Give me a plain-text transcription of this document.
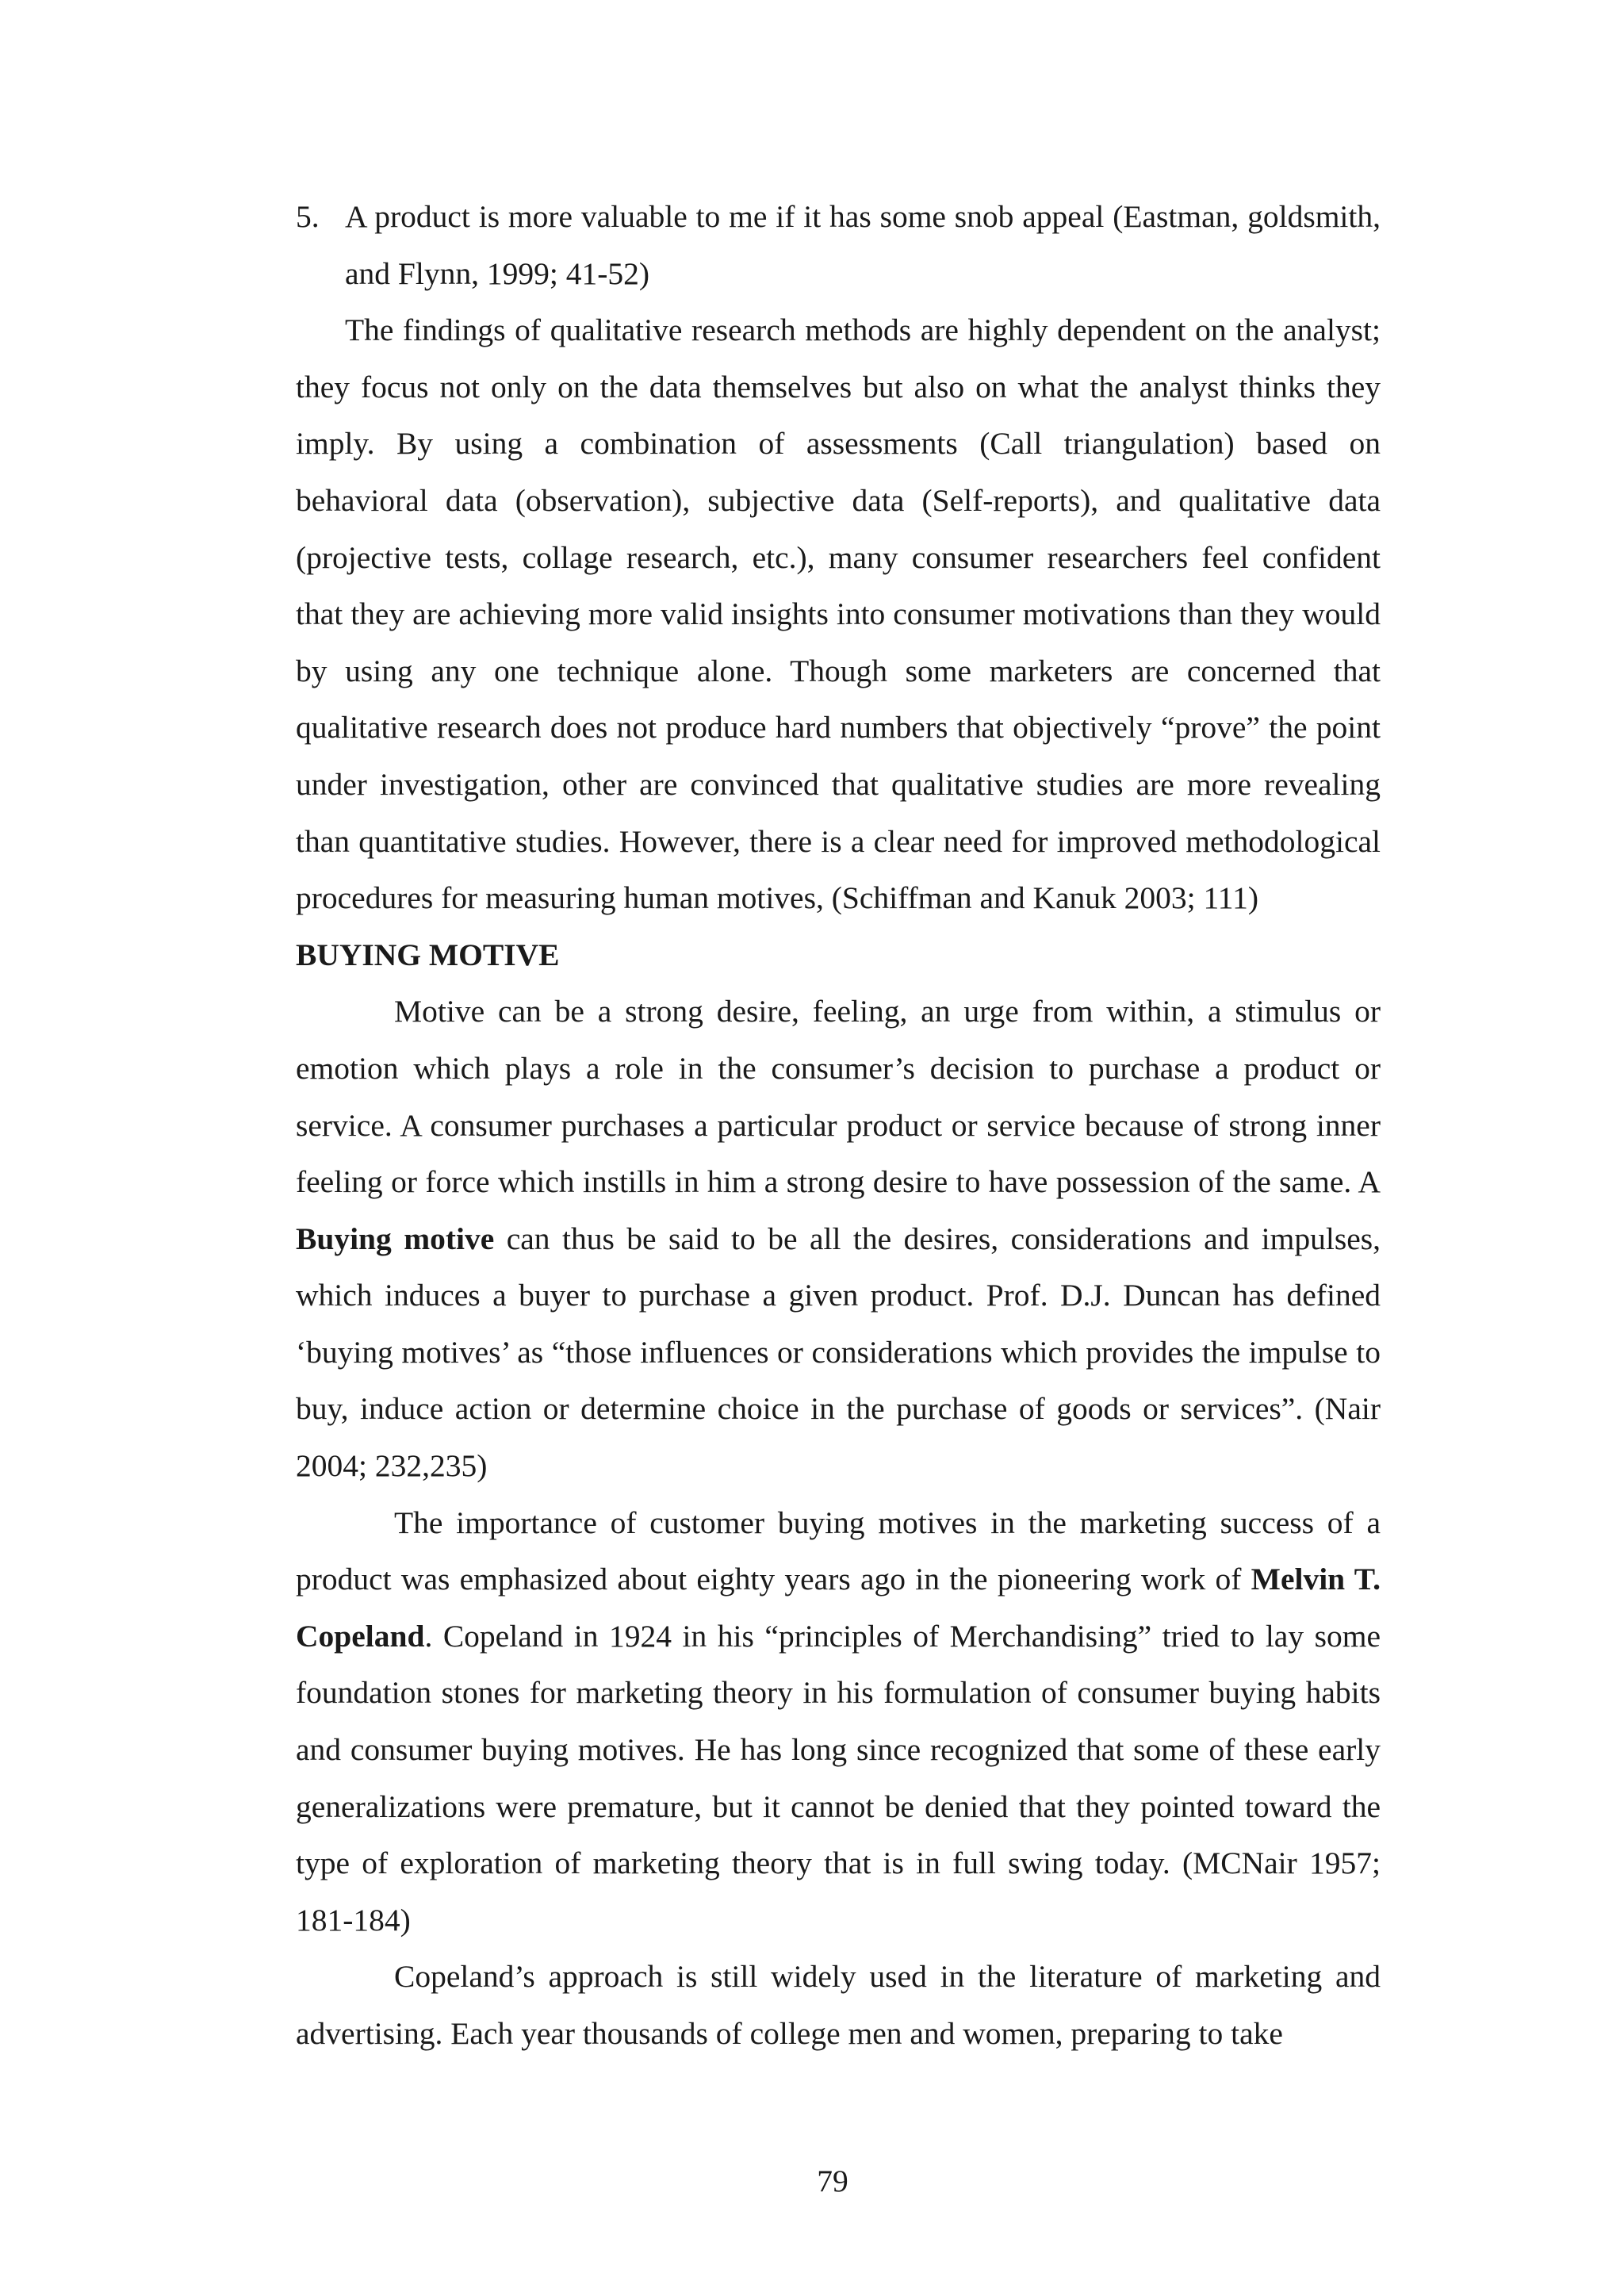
5. A product is more valuable to me if it has some snob appeal (Eastman, goldsmith, and Flynn, 1999; 41-52)

The findings of qualitative research methods are highly dependent on the analyst; they focus not only on the data themselves but also on what the analyst thinks they imply. By using a combination of assessments (Call triangulation) based on behavioral data (observation), subjective data (Self-reports), and qualitative data (projective tests, collage research, etc.), many consumer researchers feel confident that they are achieving more valid insights into consumer motivations than they would by using any one technique alone. Though some marketers are concerned that qualitative research does not produce hard numbers that objectively “prove” the point under investigation, other are convinced that qualitative studies are more revealing than quantitative studies. However, there is a clear need for improved methodological procedures for measuring human motives, (Schiffman and Kanuk 2003; 111)

BUYING MOTIVE

Motive can be a strong desire, feeling, an urge from within, a stimulus or emotion which plays a role in the consumer’s decision to purchase a product or service. A consumer purchases a particular product or service because of strong inner feeling or force which instills in him a strong desire to have possession of the same. A Buying motive can thus be said to be all the desires, considerations and impulses, which induces a buyer to purchase a given product. Prof. D.J. Duncan has defined ‘buying motives’ as “those influences or considerations which provides the impulse to buy, induce action or determine choice in the purchase of goods or services”. (Nair 2004; 232,235)

The importance of customer buying motives in the marketing success of a product was emphasized about eighty years ago in the pioneering work of Melvin T. Copeland. Copeland in 1924 in his “principles of Merchandising” tried to lay some foundation stones for marketing theory in his formulation of consumer buying habits and consumer buying motives. He has long since recognized that some of these early generalizations were premature, but it cannot be denied that they pointed toward the type of exploration of marketing theory that is in full swing today. (MCNair 1957; 181-184)

Copeland’s approach is still widely used in the literature of marketing and advertising. Each year thousands of college men and women, preparing to take

79
